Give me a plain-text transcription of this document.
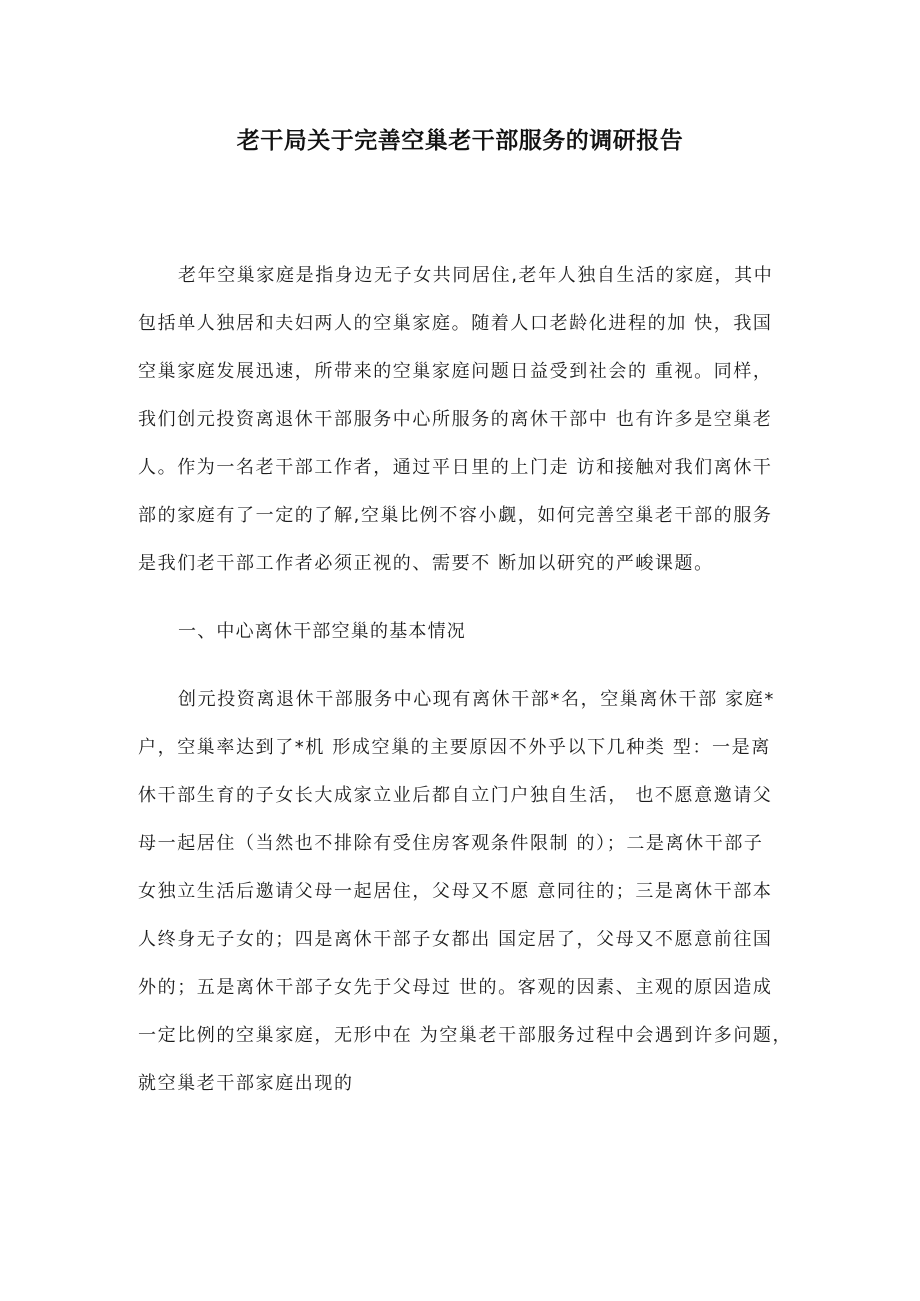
老干局关于完善空巢老干部服务的调研报告
老年空巢家庭是指身边无子女共同居住,老年人独自生活的家庭，其中
包括单人独居和夫妇两人的空巢家庭。随着人口老龄化进程的加 快，我国
空巢家庭发展迅速，所带来的空巢家庭问题日益受到社会的 重视。同样，
我们创元投资离退休干部服务中心所服务的离休干部中 也有许多是空巢老
人。作为一名老干部工作者，通过平日里的上门走 访和接触对我们离休干
部的家庭有了一定的了解,空巢比例不容小觑，如何完善空巢老干部的服务
是我们老干部工作者必须正视的、需要不 断加以研究的严峻课题。
一、中心离休干部空巢的基本情况
创元投资离退休干部服务中心现有离休干部*名，空巢离休干部 家庭*
户，空巢率达到了*机 形成空巢的主要原因不外乎以下几种类 型：一是离
休干部生育的子女长大成家立业后都自立门户独自生活， 也不愿意邀请父
母一起居住（当然也不排除有受住房客观条件限制 的）；二是离休干部子
女独立生活后邀请父母一起居住，父母又不愿 意同往的；三是离休干部本
人终身无子女的；四是离休干部子女都出 国定居了，父母又不愿意前往国
外的；五是离休干部子女先于父母过 世的。客观的因素、主观的原因造成
一定比例的空巢家庭，无形中在 为空巢老干部服务过程中会遇到许多问题，
就空巢老干部家庭出现的
